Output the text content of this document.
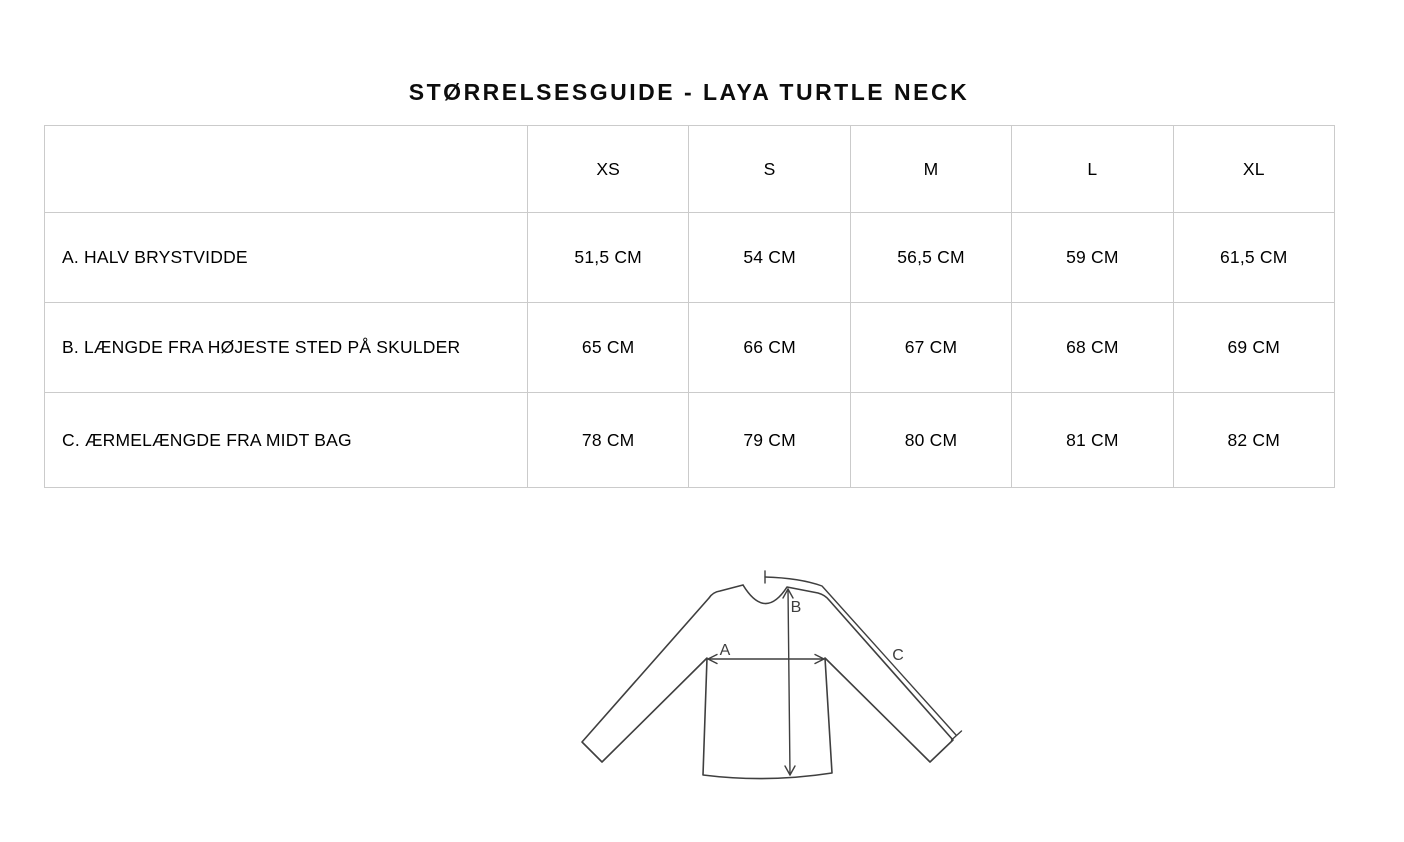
STØRRELSESGUIDE - LAYA TURTLE NECK
	XS	S	M	L	XL
A. HALV BRYSTVIDDE	51,5 CM	54 CM	56,5 CM	59 CM	61,5 CM
B. LÆNGDE FRA HØJESTE STED PÅ SKULDER	65 CM	66 CM	67 CM	68 CM	69 CM
C. ÆRMELÆNGDE FRA MIDT BAG	78 CM	79 CM	80 CM	81 CM	82 CM
A
B
C
